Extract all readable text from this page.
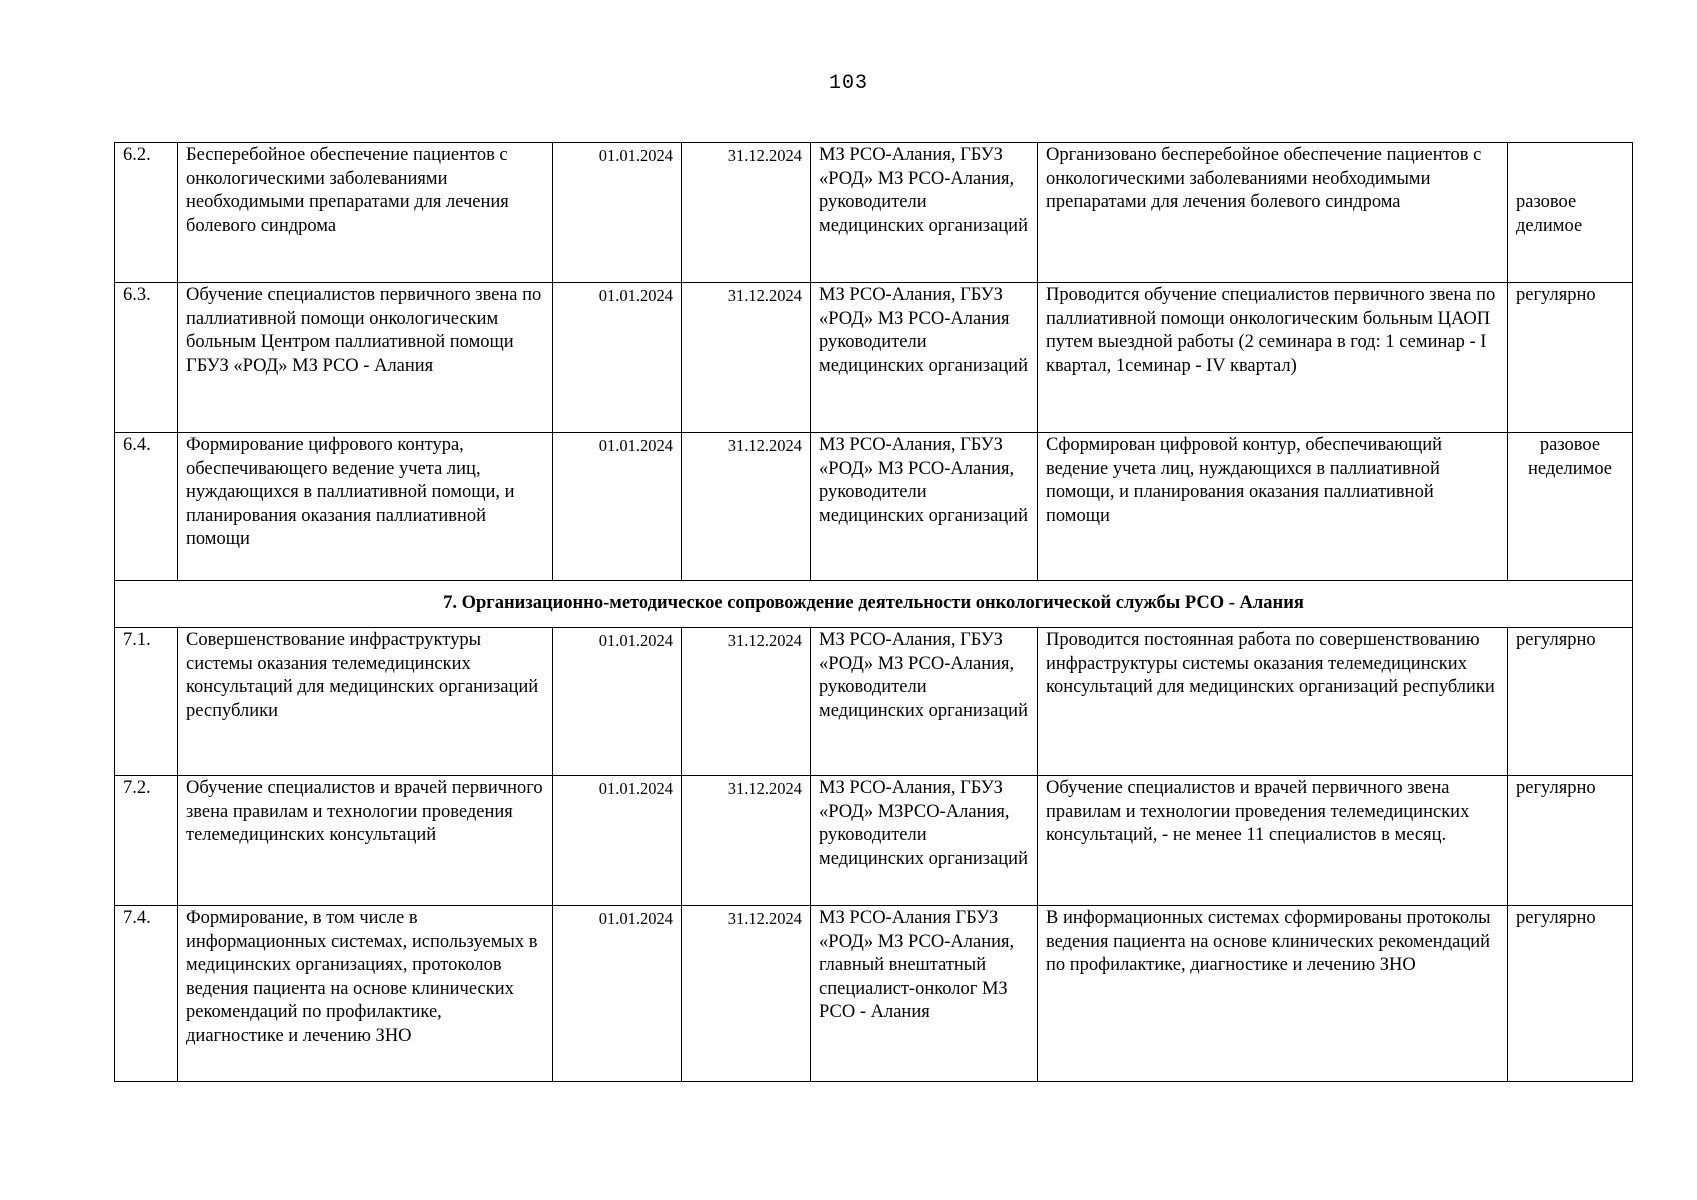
103
6.2.	Бесперебойное обеспечение пациентов с онкологическими заболеваниями необходимыми препаратами для лечения болевого синдрома	01.01.2024	31.12.2024	МЗ РСО-Алания, ГБУЗ «РОД» МЗ РСО-Алания, руководители медицинских организаций	Организовано бесперебойное обеспечение пациентов с онкологическими заболеваниями необходимыми препаратами для лечения болевого синдрома	разовое делимое

6.3.	Обучение специалистов первичного звена по паллиативной помощи онкологическим больным Центром паллиативной помощи ГБУЗ «РОД» МЗ РСО - Алания	01.01.2024	31.12.2024	МЗ РСО-Алания, ГБУЗ «РОД» МЗ РСО-Алания руководители медицинских организаций	Проводится обучение специалистов первичного звена по паллиативной помощи онкологическим больным ЦАОП путем выездной работы (2 семинара в год: 1 семинар - I квартал, 1семинар - IV квартал)	регулярно
6.4.	Формирование цифрового контура, обеспечивающего ведение учета лиц, нуждающихся в паллиативной помощи, и планирования оказания паллиативной помощи	01.01.2024	31.12.2024	МЗ РСО-Алания, ГБУЗ «РОД» МЗ РСО-Алания, руководители медицинских организаций	Сформирован цифровой контур, обеспечивающий ведение учета лиц, нуждающихся в паллиативной помощи, и планирования оказания паллиативной помощи	разовое неделимое
7. Организационно-методическое сопровождение деятельности онкологической службы РСО - Алания						
7.1.	Совершенствование инфраструктуры системы оказания телемедицинских консультаций для медицинских организаций республики	01.01.2024	31.12.2024	МЗ РСО-Алания, ГБУЗ «РОД» МЗ РСО-Алания, руководители медицинских организаций	Проводится постоянная работа по совершенствованию инфраструктуры системы оказания телемедицинских консультаций для медицинских организаций республики	регулярно
7.2.	Обучение специалистов и врачей первичного звена правилам и технологии проведения телемедицинских консультаций	01.01.2024	31.12.2024	МЗ РСО-Алания, ГБУЗ «РОД» МЗРСО-Алания, руководители медицинских организаций	Обучение специалистов и врачей первичного звена правилам и технологии проведения телемедицинских консультаций, - не менее 11 специалистов в месяц.	регулярно
7.4.	Формирование, в том числе в информационных системах, используемых в медицинских организациях, протоколов ведения пациента на основе клинических рекомендаций по профилактике, диагностике и лечению ЗНО	01.01.2024	31.12.2024	МЗ РСО-Алания ГБУЗ «РОД» МЗ РСО-Алания, главный внештатный специалист-онколог МЗ РСО - Алания	В информационных системах сформированы протоколы ведения пациента на основе клинических рекомендаций по профилактике, диагностике и лечению ЗНО	регулярно
